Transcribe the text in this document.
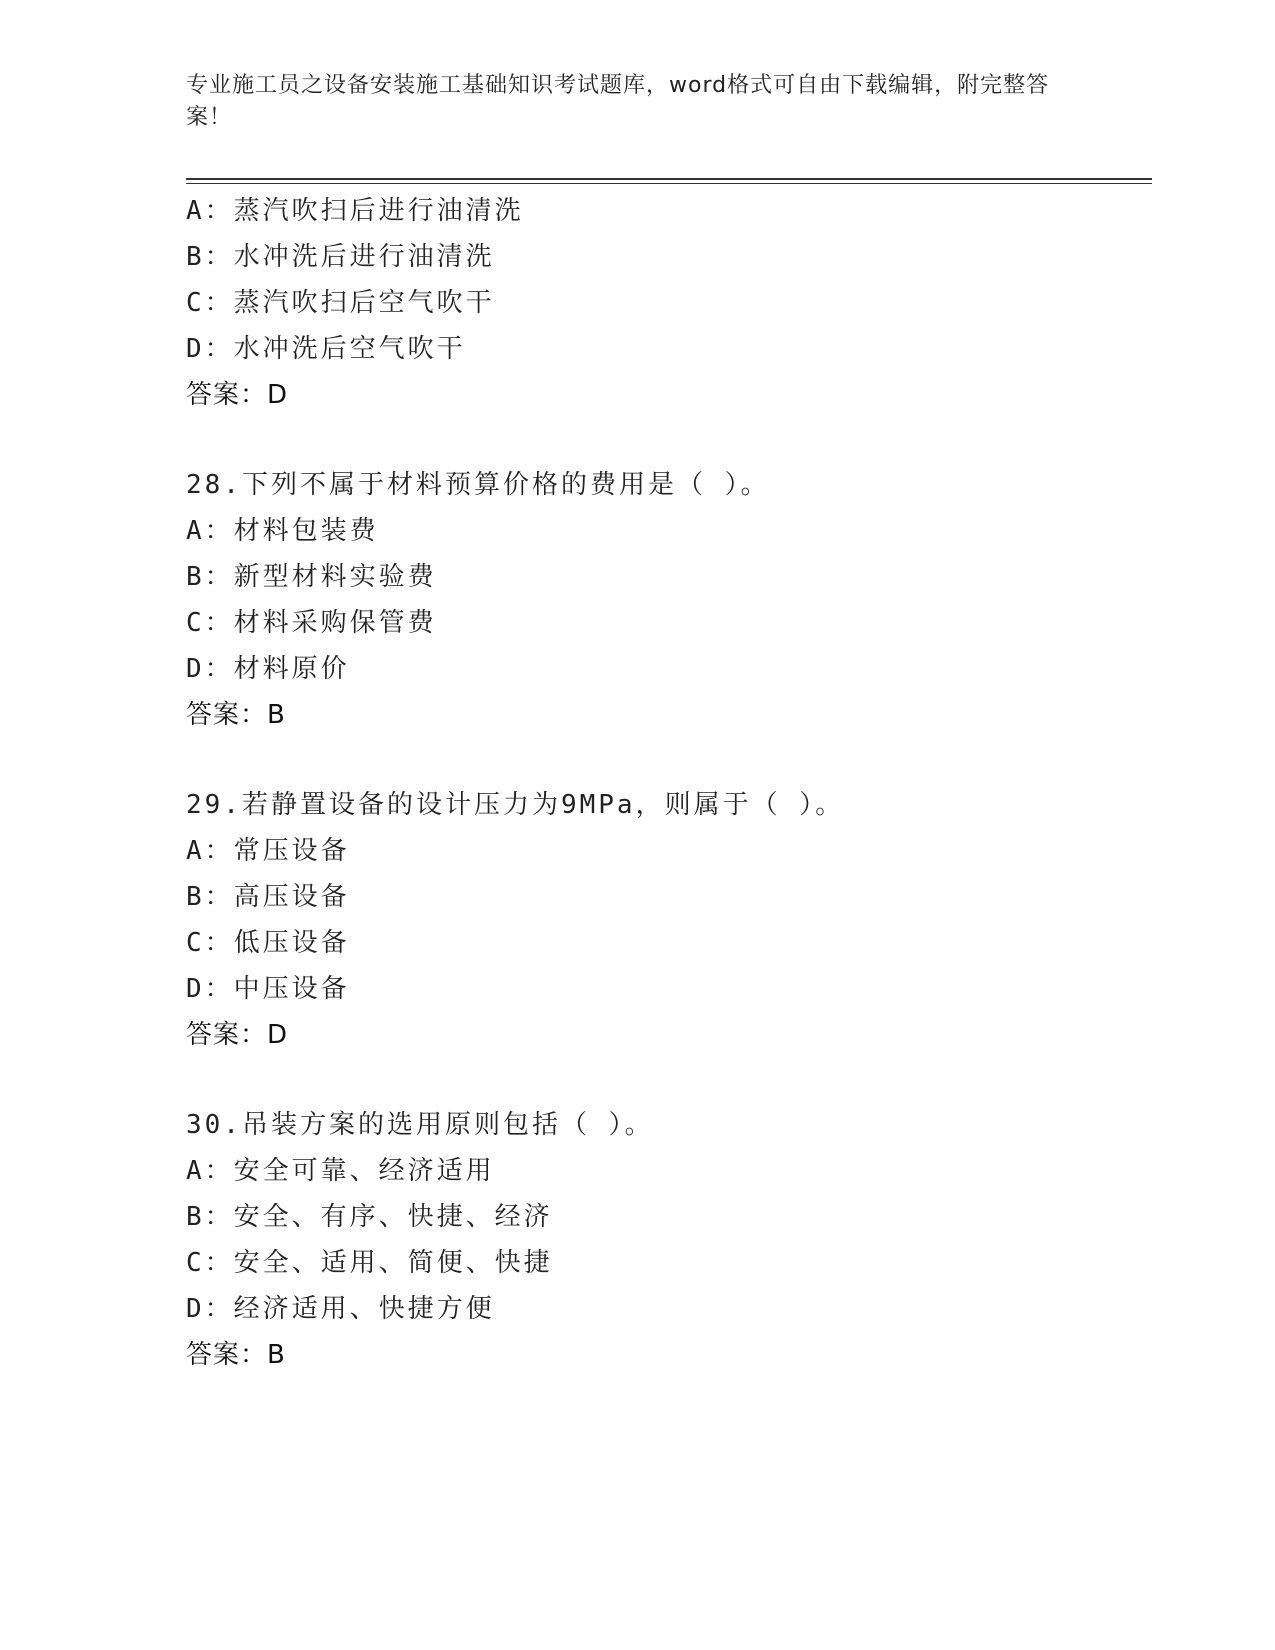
专业施工员之设备安装施工基础知识考试题库，word格式可自由下载编辑，附完整答案！
A：蒸汽吹扫后进行油清洗
B：水冲洗后进行油清洗
C：蒸汽吹扫后空气吹干
D：水冲洗后空气吹干
答案：D
28.下列不属于材料预算价格的费用是（ ）。
A：材料包装费
B：新型材料实验费
C：材料采购保管费
D：材料原价
答案：B
29.若静置设备的设计压力为9MPa，则属于（ ）。
A：常压设备
B：高压设备
C：低压设备
D：中压设备
答案：D
30.吊装方案的选用原则包括（ ）。
A：安全可靠、经济适用
B：安全、有序、快捷、经济
C：安全、适用、简便、快捷
D：经济适用、快捷方便
答案：B
